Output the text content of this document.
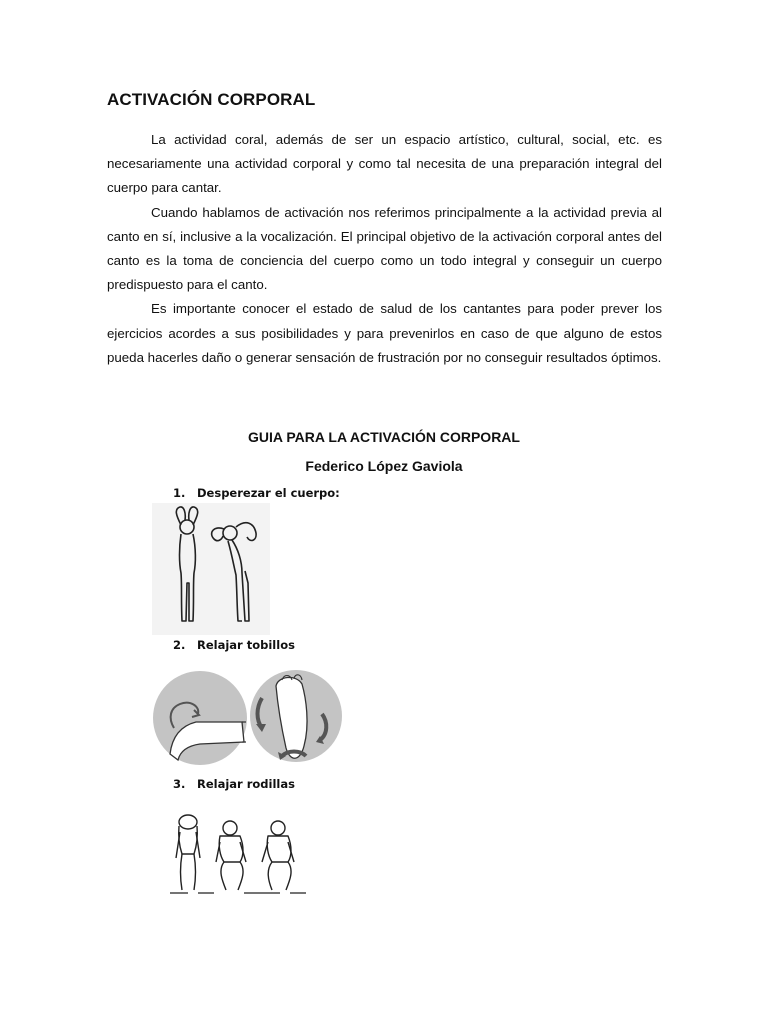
ACTIVACIÓN CORPORAL

La actividad coral, además de ser un espacio artístico, cultural, social, etc. es necesariamente una actividad corporal y como tal necesita de una preparación integral del cuerpo para cantar.

Cuando hablamos de activación nos referimos principalmente a la actividad previa al canto en sí, inclusive a la vocalización. El principal objetivo de la activación corporal antes del canto es la toma de conciencia del cuerpo como un todo integral y conseguir un cuerpo predispuesto para el canto.

Es importante conocer el estado de salud de los cantantes para poder prever los ejercicios acordes a sus posibilidades y para prevenirlos en caso de que alguno de estos pueda hacerles daño o generar sensación de frustración por no conseguir resultados óptimos.

GUIA PARA LA ACTIVACIÓN CORPORAL
Federico López Gaviola
1. Desperezar el cuerpo:
2. Relajar tobillos
3. Relajar rodillas
